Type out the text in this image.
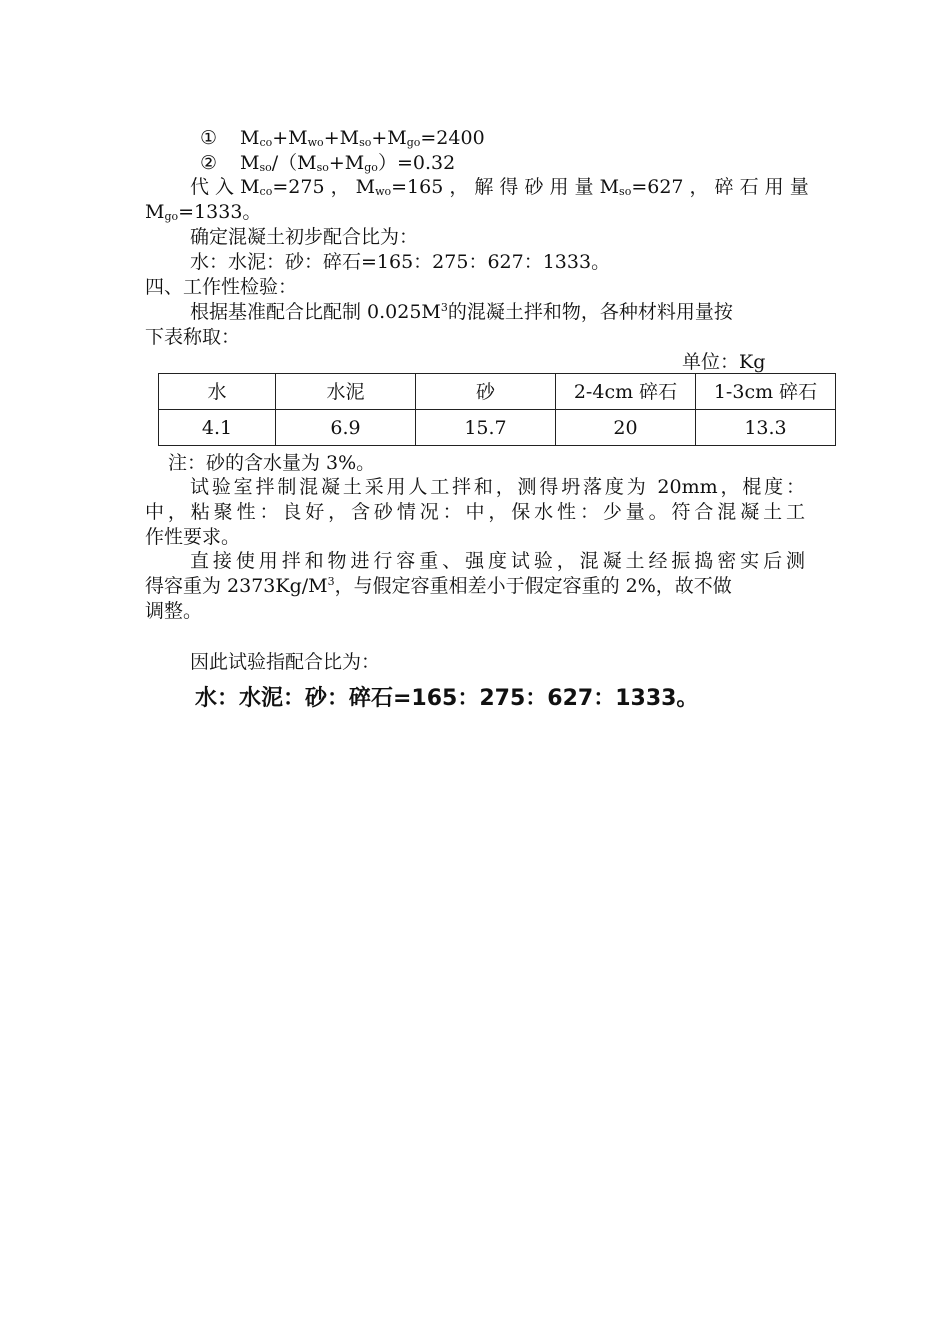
① $M_{co}+M_{wo}+M_{so}+M_{go}=2400$
② $M_{so}/(M_{so}+M_{go})=0.32$
代 入 $M_{co}=275$ ， $M_{wo}=165$ ， 解 得 砂 用 量 $M_{so}=627$ ， 碎 石 用 量
$M_{go}=1333$。
确定混凝土初步配合比为：
水：水泥：砂：碎石=165：275：627：1333。
四、工作性检验：
根据基准配合比配制 $0.025M^3$的混凝土拌和物，各种材料用量按
下表称取：
单位：Kg
水	水泥	砂	2-4cm 碎石	1-3cm 碎石
4.1	6.9	15.7	20	13.3
注：砂的含水量为 3%。
试验室拌制混凝土采用人工拌和，测得坍落度为 20mm，棍度：
中，粘聚性：良好，含砂情况：中，保水性：少量。符合混凝土工
作性要求。
直接使用拌和物进行容重、强度试验，混凝土经振捣密实后测
得容重为 $2373Kg/M^3$，与假定容重相差小于假定容重的 2%，故不做
调整。
因此试验指配合比为：
水：水泥：砂：碎石=165：275：627：1333。
